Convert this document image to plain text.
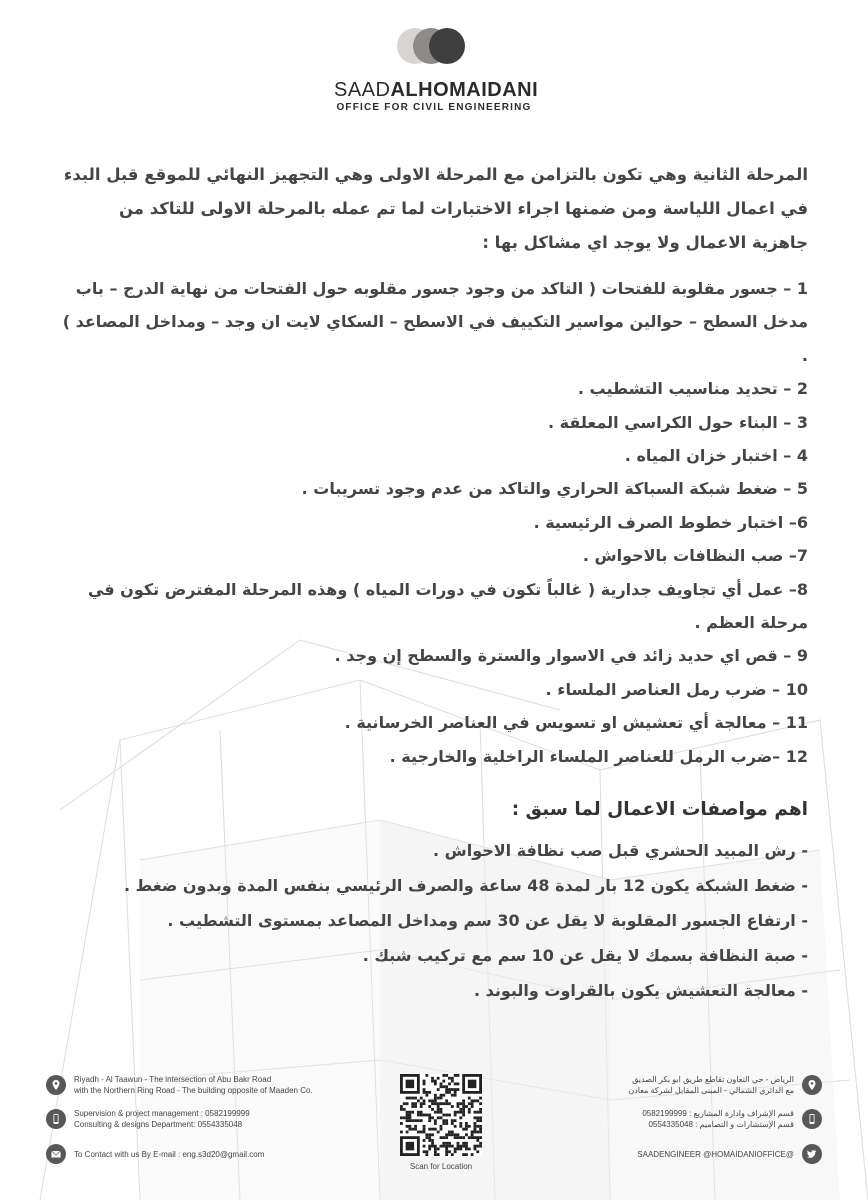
SAADALHOMAIDANI
OFFICE FOR CIVIL ENGINEERING

المرحلة الثانية وهي تكون بالتزامن مع المرحلة الاولى وهي التجهيز النهائي للموقع قبل البدء في اعمال اللياسة ومن ضمنها اجراء الاختبارات لما تم عمله بالمرحلة الاولى للتاكد من جاهزية الاعمال ولا يوجد اي مشاكل بها :

1 – جسور مقلوبة للفتحات ( التاكد من وجود جسور مقلوبه حول الفتحات من نهاية الدرج – باب مدخل السطح – حوالين مواسير التكييف في الاسطح – السكاي لايت ان وجد – ومداخل المصاعد ) .
2 – تحديد مناسيب التشطيب .
3 – البناء حول الكراسي المعلقة .
4 – اختبار خزان المياه .
5 – ضغط شبكة السباكة الحراري والتاكد من عدم وجود تسريبات .
6– اختبار خطوط الصرف الرئيسية .
7– صب النظافات بالاحواش .
8– عمل أي تجاويف جدارية ( غالباً تكون في دورات المياه ) وهذه المرحلة المفترض تكون في مرحلة العظم .
9 – قص اي حديد زائد في الاسوار والسترة والسطح إن وجد .
10 – ضرب رمل العناصر الملساء .
11 – معالجة أي تعشيش او تسويس في العناصر الخرسانية .
12 –ضرب الرمل للعناصر الملساء الراخلية والخارجية .
اهم مواصفات الاعمال لما سبق :
- رش المبيد الحشري قبل صب نظافة الاحواش .
- ضغط الشبكة يكون 12 بار لمدة 48 ساعة والصرف الرئيسي بنفس المدة وبدون ضغط .
- ارتفاع الجسور المقلوبة لا يقل عن 30 سم ومداخل المصاعد بمستوى التشطيب .
- صبة النظافة بسمك لا يقل عن 10 سم مع تركيب شبك .
- معالجة التعشيش يكون بالقراوت والبوند .
Riyadh - Al Taawun - The intersection of Abu Bakr Road
with the Northern Ring Road - The building opposite of Maaden Co.
Supervision & project management : 0582199999
Consulting & designs Department: 0554335048
To Contact with us By E-mail : eng.s3d20@gmail.com
Scan for Location
الرياض - حي التعاون تقاطع طريق ابو بكر الصديق
مع الدائري الشمالي - المبنى المقابل لشركة معادن
قسم الإشراف وادارة المشاريع : 0582199999
قسم الإستشارات و التصاميم : 0554335048
@SAADENGINEER @HOMAIDANIOFFICE
